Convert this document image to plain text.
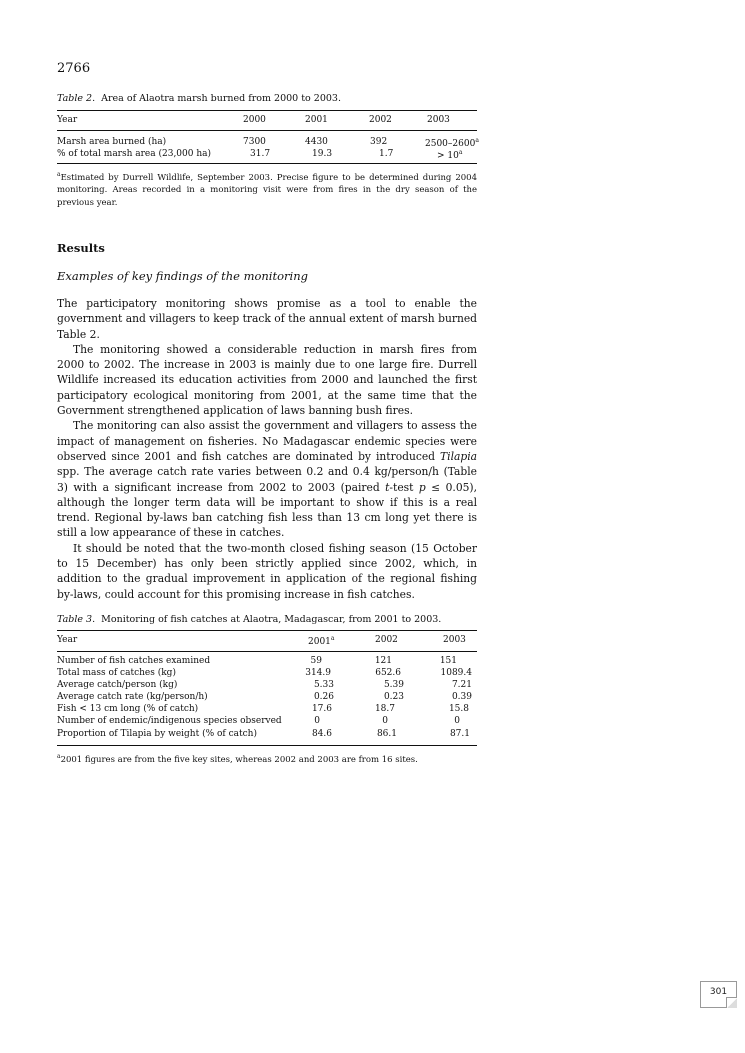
2766
Table 2. Area of Alaotra marsh burned from 2000 to 2003.
Year	2000	2001	2002	2003
Marsh area burned (ha)	7300	4430	392	2500–2600$^a$
% of total marsh area (23,000 ha)	31.7	19.3	1.7	> $10^a$
$^a$Estimated by Durrell Wildlife, September 2003. Precise figure to be determined during 2004 monitoring. Areas recorded in a monitoring visit were from fires in the dry season of the previous year.
Results
Examples of key findings of the monitoring

The participatory monitoring shows promise as a tool to enable the government and villagers to keep track of the annual extent of marsh burned Table 2.

The monitoring showed a considerable reduction in marsh fires from 2000 to 2002. The increase in 2003 is mainly due to one large fire. Durrell Wildlife increased its education activities from 2000 and launched the first participatory ecological monitoring from 2001, at the same time that the Government strengthened application of laws banning bush fires.

The monitoring can also assist the government and villagers to assess the impact of management on fisheries. No Madagascar endemic species were observed since 2001 and fish catches are dominated by introduced Tilapia spp. The average catch rate varies between 0.2 and 0.4 kg/person/h (Table 3) with a significant increase from 2002 to 2003 (paired t-test p ≤ 0.05), although the longer term data will be important to show if this is a real trend. Regional by-laws ban catching fish less than 13 cm long yet there is still a low appearance of these in catches.

It should be noted that the two-month closed fishing season (15 October to 15 December) has only been strictly applied since 2002, which, in addition to the gradual improvement in application of the regional fishing by-laws, could account for this promising increase in fish catches.

Table 3. Monitoring of fish catches at Alaotra, Madagascar, from 2001 to 2003.
Year	2001$^a$	2002	2003
Number of fish catches examined	59	121	151
Total mass of catches (kg)	314.9	652.6	1089.4
Average catch/person (kg)	5.33	5.39	7.21
Average catch rate (kg/person/h)	0.26	0.23	0.39
Fish < 13 cm long (% of catch)	17.6	18.7	15.8
Number of endemic/indigenous species observed	0	0	0
Proportion of Tilapia by weight (% of catch)	84.6	86.1	87.1
$^a$2001 figures are from the five key sites, whereas 2002 and 2003 are from 16 sites.
301
